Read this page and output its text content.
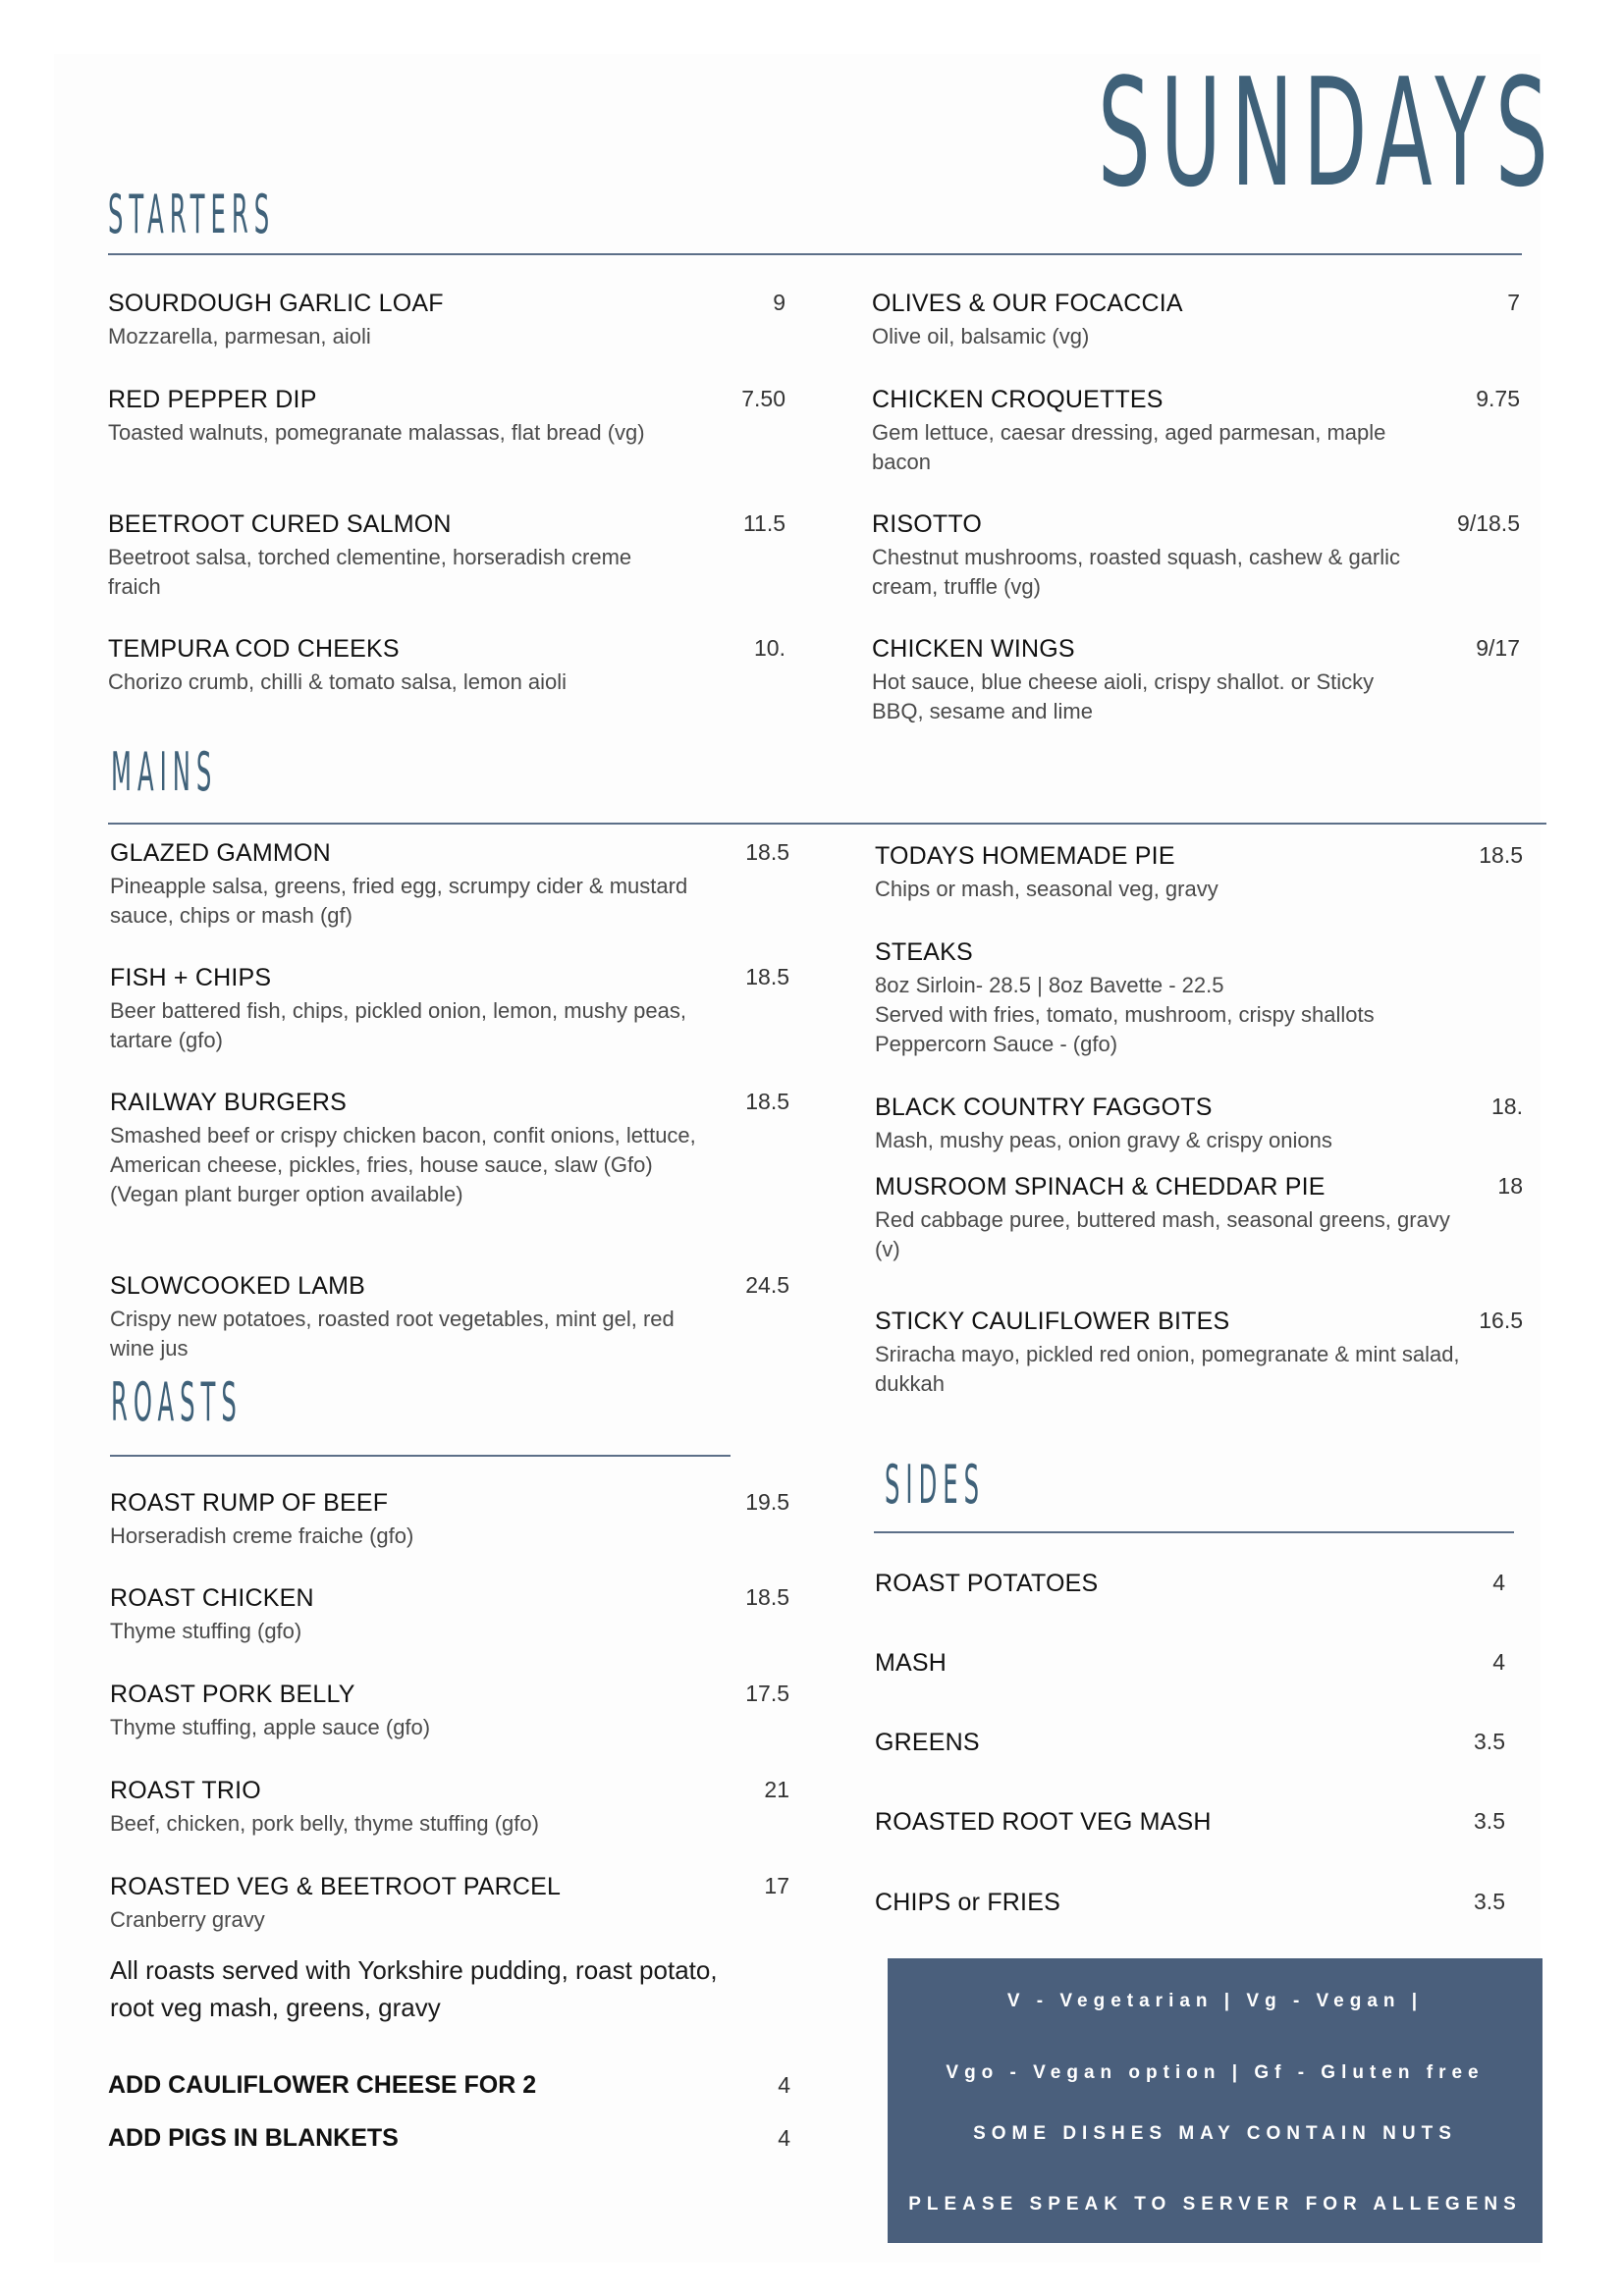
SUNDAYS
STARTERS
SOURDOUGH GARLIC LOAF	9
Mozzarella, parmesan, aioli
OLIVES & OUR FOCACCIA	7
Olive oil, balsamic (vg)
RED PEPPER DIP	7.50
Toasted walnuts, pomegranate malassas, flat bread (vg)
CHICKEN CROQUETTES	9.75
Gem lettuce, caesar dressing, aged parmesan, maple bacon
BEETROOT CURED SALMON	11.5
Beetroot salsa, torched clementine, horseradish creme fraich
RISOTTO	9/18.5
Chestnut mushrooms, roasted squash, cashew & garlic cream, truffle (vg)
TEMPURA COD CHEEKS	10.
Chorizo crumb, chilli & tomato salsa, lemon aioli
CHICKEN WINGS	9/17
Hot sauce, blue cheese aioli, crispy shallot. or Sticky BBQ, sesame and lime
MAINS
GLAZED GAMMON	18.5
Pineapple salsa, greens, fried egg, scrumpy cider & mustard sauce, chips or mash (gf)
TODAYS HOMEMADE PIE	18.5
Chips or mash, seasonal veg, gravy
FISH + CHIPS	18.5
Beer battered fish, chips, pickled onion, lemon, mushy peas, tartare (gfo)
STEAKS
8oz Sirloin- 28.5 | 8oz Bavette - 22.5
Served with fries, tomato, mushroom, crispy shallots
Peppercorn Sauce - (gfo)
RAILWAY BURGERS	18.5
Smashed beef or crispy chicken bacon, confit onions, lettuce, American cheese, pickles, fries, house sauce, slaw (Gfo)
(Vegan plant burger option available)
BLACK COUNTRY FAGGOTS	18.
Mash, mushy peas, onion gravy & crispy onions
MUSROOM SPINACH & CHEDDAR PIE	18
Red cabbage puree, buttered mash, seasonal greens, gravy (v)
SLOWCOOKED LAMB	24.5
Crispy new potatoes, roasted root vegetables, mint gel, red wine jus
STICKY CAULIFLOWER BITES	16.5
Sriracha mayo, pickled red onion, pomegranate & mint salad, dukkah
ROASTS
ROAST RUMP OF BEEF	19.5
Horseradish creme fraiche (gfo)
ROAST CHICKEN	18.5
Thyme stuffing (gfo)
ROAST PORK BELLY	17.5
Thyme stuffing, apple sauce (gfo)
ROAST TRIO	21
Beef, chicken, pork belly, thyme stuffing (gfo)
ROASTED VEG & BEETROOT PARCEL	17
Cranberry gravy

All roasts served with Yorkshire pudding, roast potato, root veg mash, greens, gravy

ADD CAULIFLOWER CHEESE FOR 2	4
ADD PIGS IN BLANKETS	4
SIDES
ROAST POTATOES	4
MASH	4
GREENS	3.5
ROASTED ROOT VEG MASH	3.5
CHIPS or FRIES	3.5
V - Vegetarian | Vg - Vegan |
Vgo - Vegan option | Gf - Gluten free
SOME DISHES MAY CONTAIN NUTS
PLEASE SPEAK TO SERVER FOR ALLEGENS
